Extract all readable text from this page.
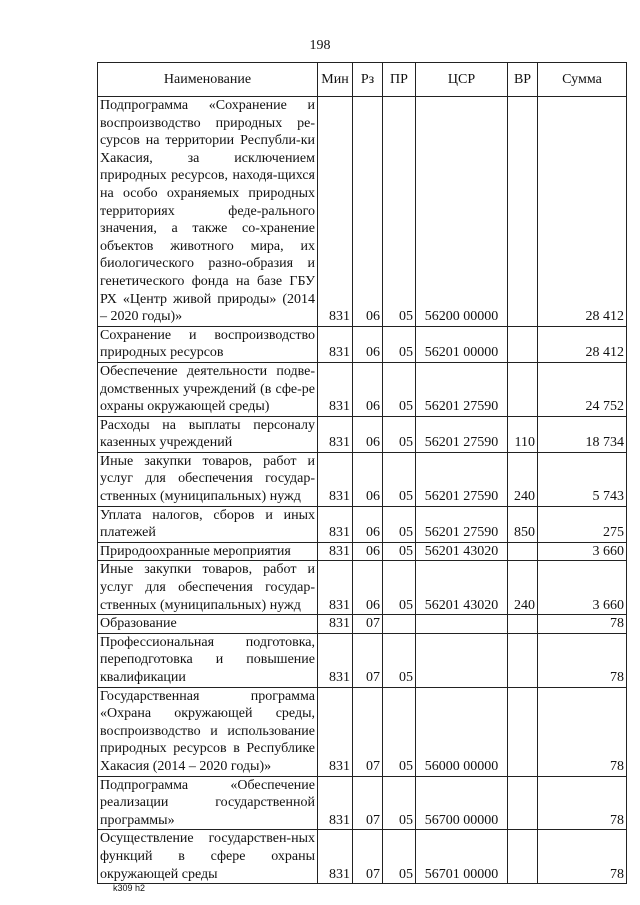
198
Наименование	Мин	Рз	ПР	ЦСР	ВР	Сумма
Подпрограмма «Сохранение и воспроизводство природных ре-сурсов на территории Республи-ки Хакасия, за исключением природных ресурсов, находя-щихся на особо охраняемых природных территориях феде-рального значения, а также со-хранение объектов животного мира, их биологического разно-образия и генетического фонда на базе ГБУ РХ «Центр живой природы» (2014 – 2020 годы)»	831	06	05	56200 00000		28 412
Сохранение и воспроизводство природных ресурсов	831	06	05	56201 00000		28 412
Обеспечение деятельности подве-домственных учреждений (в сфе-ре охраны окружающей среды)	831	06	05	56201 27590		24 752
Расходы на выплаты персоналу казенных учреждений	831	06	05	56201 27590	110	18 734
Иные закупки товаров, работ и услуг для обеспечения государ-ственных (муниципальных) нужд	831	06	05	56201 27590	240	5 743
Уплата налогов, сборов и иных платежей	831	06	05	56201 27590	850	275
Природоохранные мероприятия	831	06	05	56201 43020		3 660
Иные закупки товаров, работ и услуг для обеспечения государ-ственных (муниципальных) нужд	831	06	05	56201 43020	240	3 660
Образование	831	07				78
Профессиональная подготовка, переподготовка и повышение квалификации	831	07	05			78
Государственная программа «Охрана окружающей среды, воспроизводство и использование природных ресурсов в Республике Хакасия (2014 – 2020 годы)»	831	07	05	56000 00000		78
Подпрограмма «Обеспечение реализации государственной программы»	831	07	05	56700 00000		78
Осуществление государствен-ных функций в сфере охраны окружающей среды	831	07	05	56701 00000		78
k309 h2
